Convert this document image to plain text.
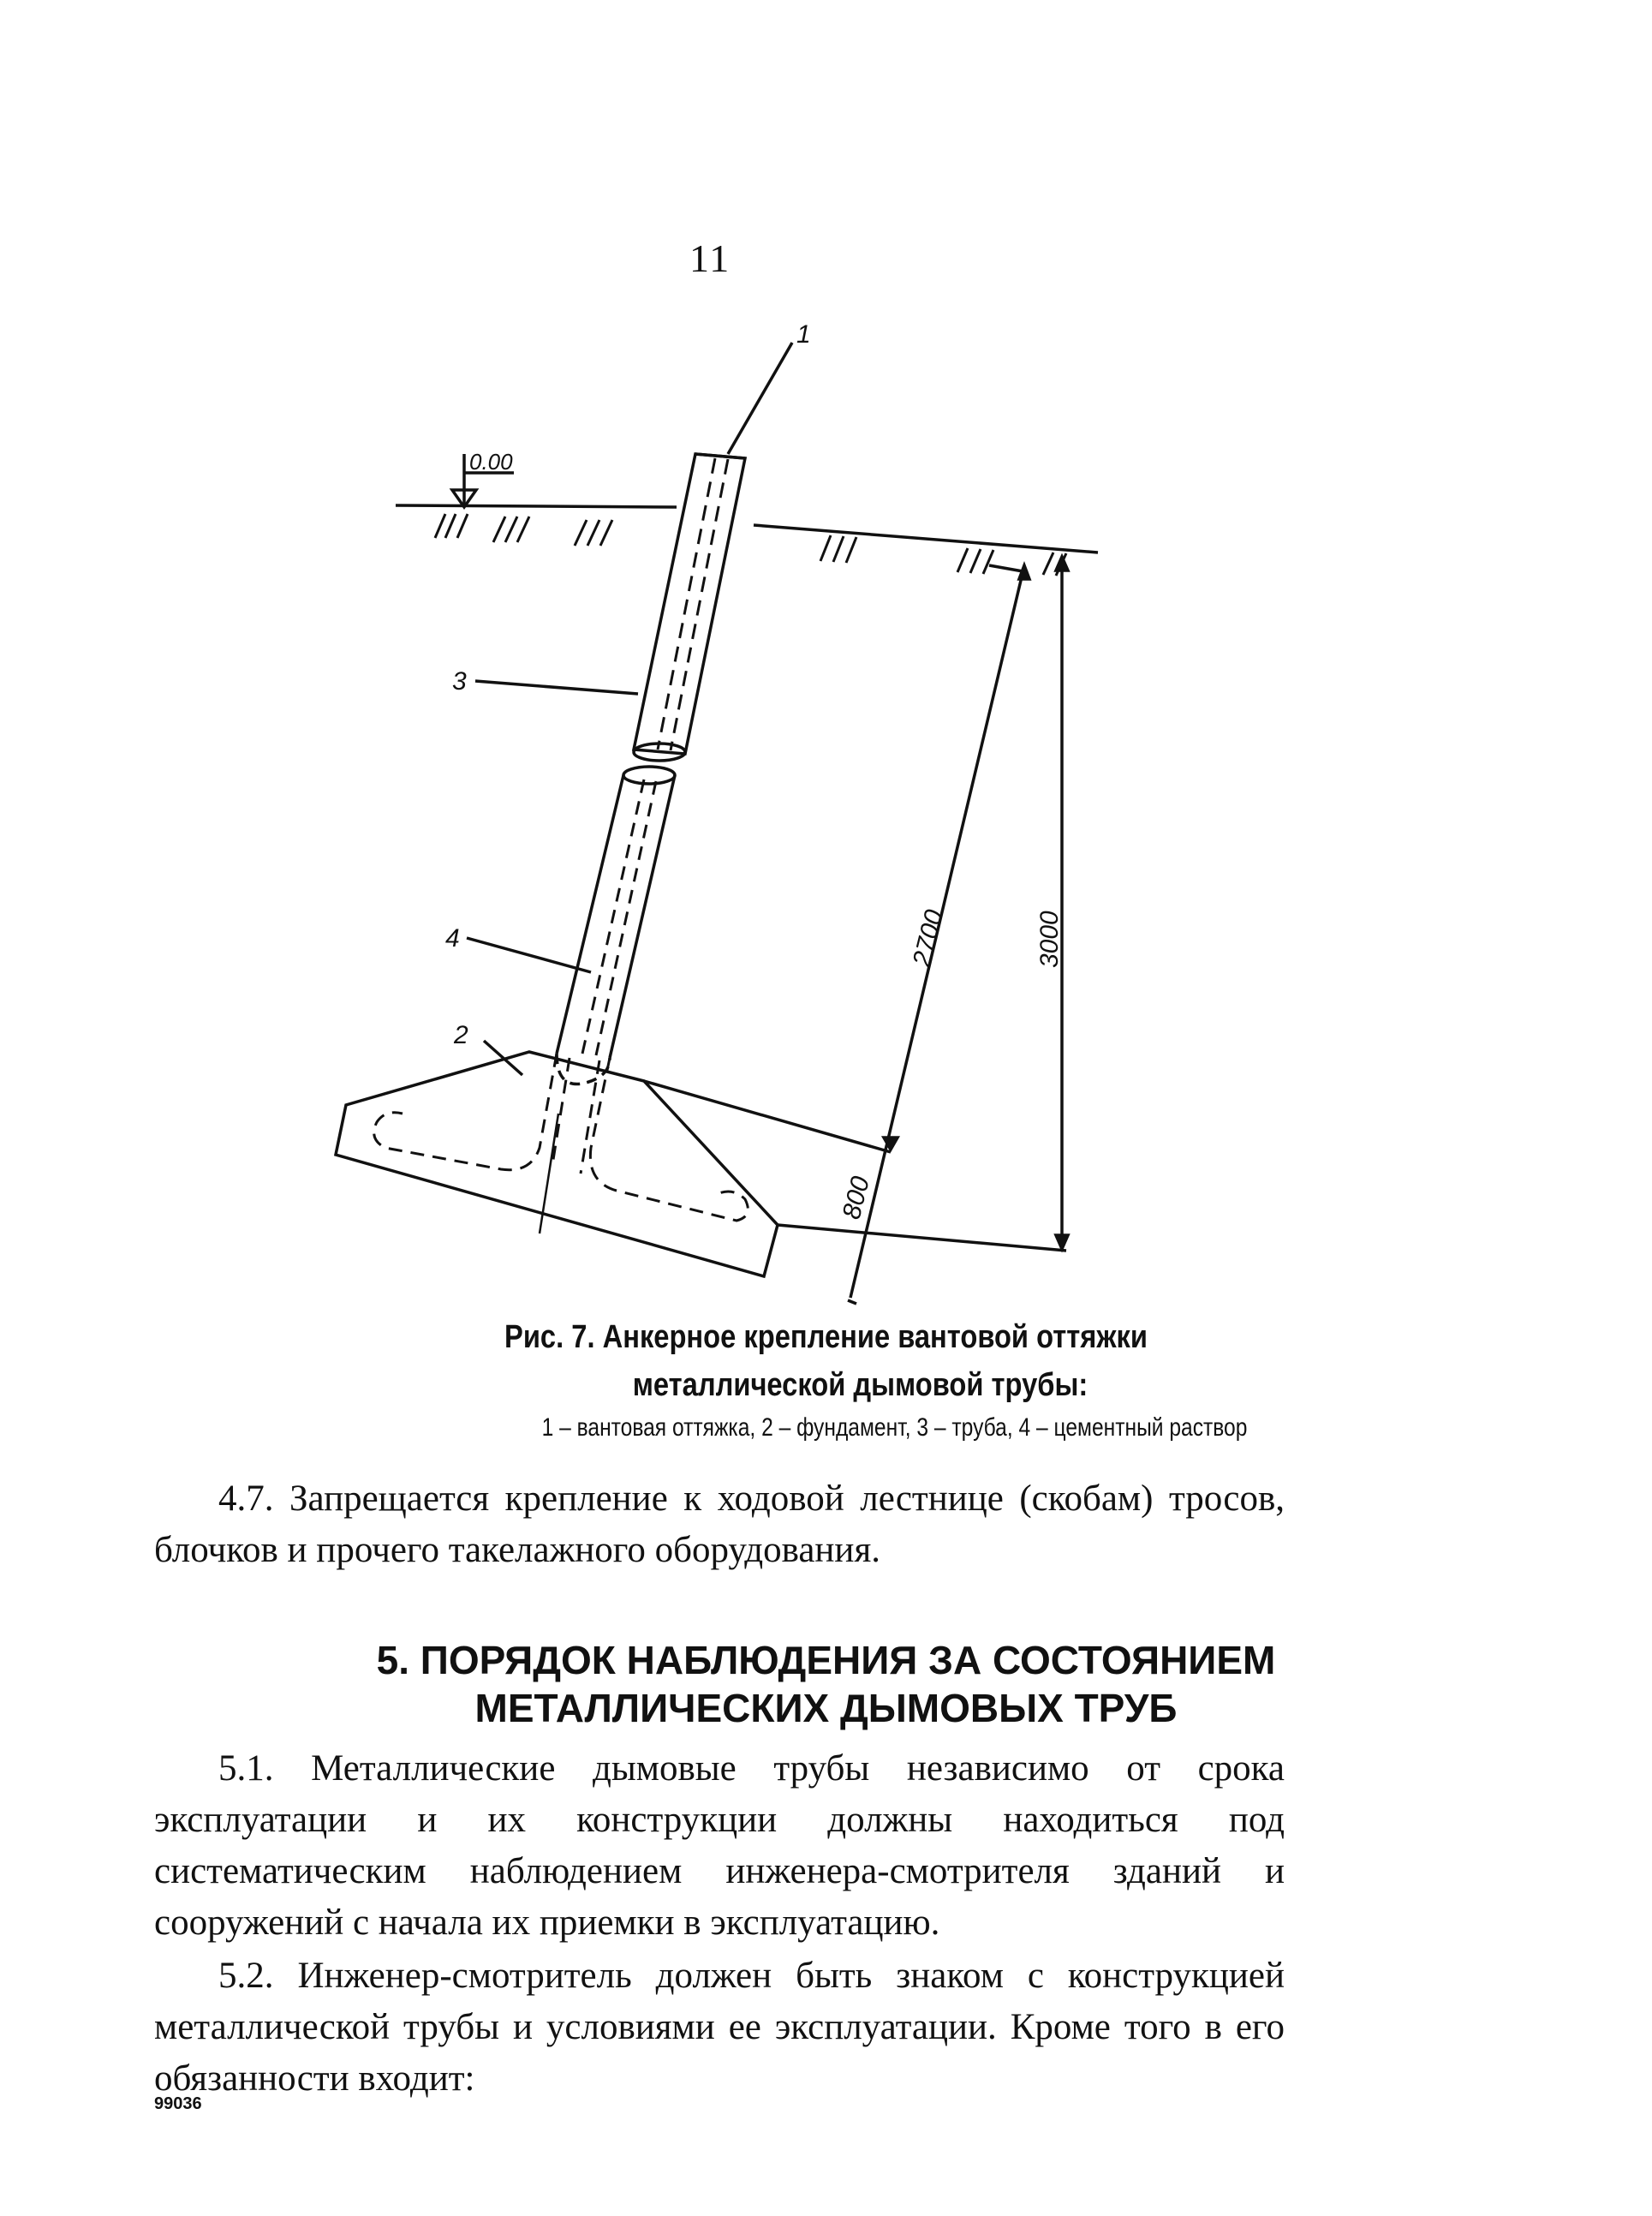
11
0.00
1
3
4
2
2700	3000
800
Рис. 7. Анкерное крепление вантовой оттяжки
металлической дымовой трубы:
1 – вантовая оттяжка, 2 – фундамент, 3 – труба, 4 – цементный раствор
4.7. Запрещается крепление к ходовой лестнице (скобам) тросов, блочков и прочего такелажного оборудования.
5. ПОРЯДОК НАБЛЮДЕНИЯ ЗА СОСТОЯНИЕМ
МЕТАЛЛИЧЕСКИХ ДЫМОВЫХ ТРУБ
5.1. Металлические дымовые трубы независимо от срока эксплуатации и их конструкции должны находиться под систематическим наблюдением инженера-смотрителя зданий и сооружений с начала их приемки в эксплуатацию.
5.2. Инженер-смотритель должен быть знаком с конструкцией металлической трубы и условиями ее эксплуатации. Кроме того в его обязанности входит:
99036
